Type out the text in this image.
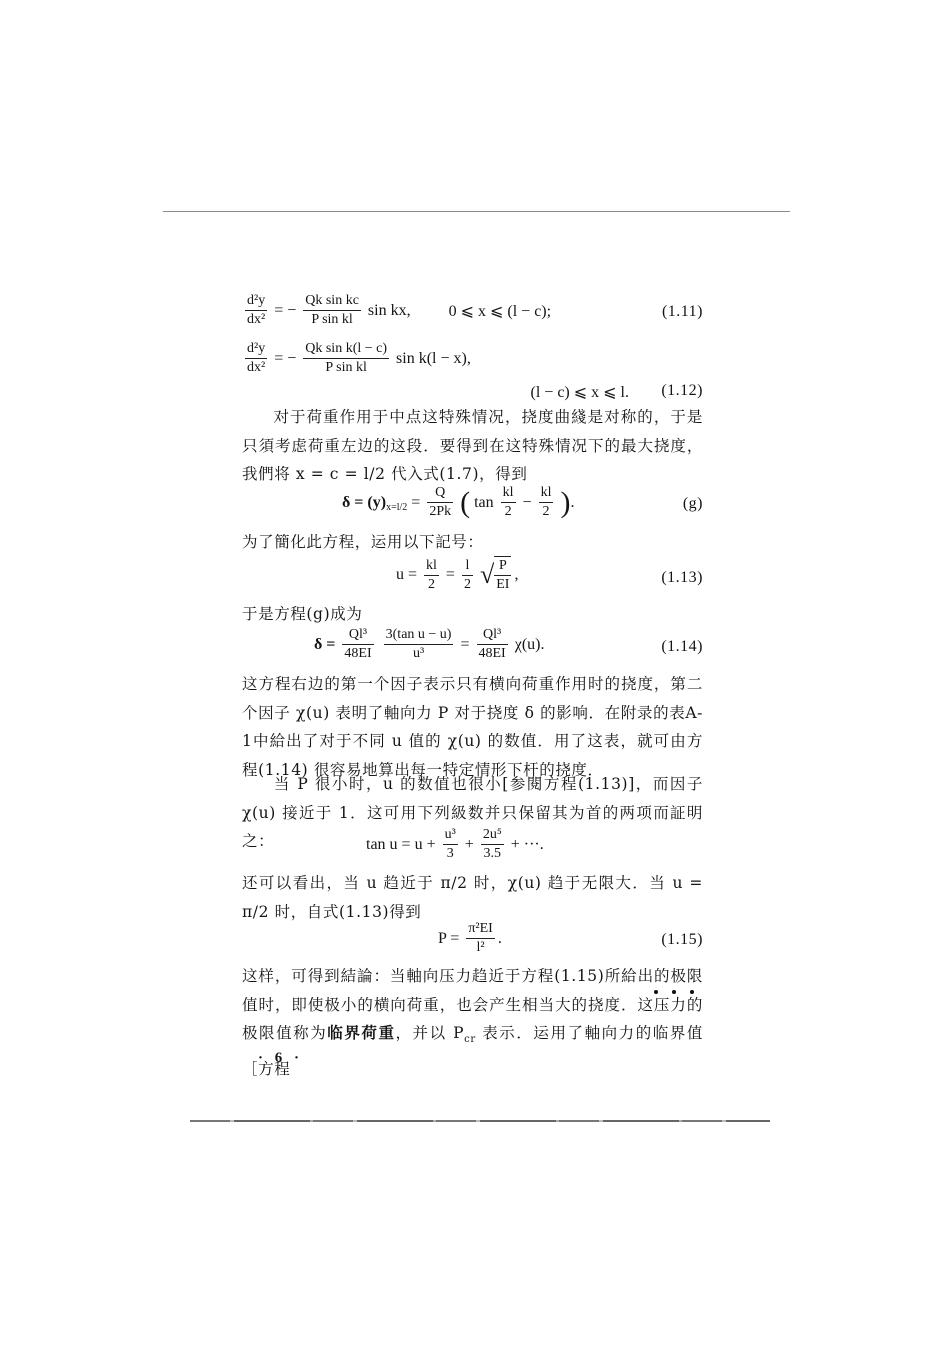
$\frac{\text{d²y}}{\text{dx²}}$ = − $\frac{\text{Qk sin kc}}{\text{P sin kl}}$ sin kx, 0 ⩽ x ⩽ (l − c);	(1.11)
$\frac{\text{d²y}}{\text{dx²}}$ = − $\frac{\text{Qk sin k(l − c)}}{\text{P sin kl}}$ sin k(l − x),
(l − c) ⩽ x ⩽ l. (1.12)
对于荷重作用于中点这特殊情况，挠度曲綫是对称的，于是只須考虑荷重左边的这段．要得到在这特殊情况下的最大挠度，我們将 x = c = l/2 代入式(1.7)，得到
$\delta = (y)x=l/2 = \frac{Q}{2Pk}$ ( $\tan \frac{kl}{2} - \frac{kl}{2}$ ).	(g)
为了簡化此方程，运用以下記号：
$u = \frac{kl}{2} = \frac{l}{2}$ √ $\frac{P}{EI}$ ,	(1.13)
于是方程(g)成为
$\delta = \frac{\text{Ql³}}{48EI}$
$\frac{\text{3(tan u − u)}}{\text{u³}} = \frac{\text{Ql³}}{48EI} \chi(u)$.	(1.14)
这方程右边的第一个因子表示只有横向荷重作用时的挠度，第二个因子 χ(u) 表明了軸向力 P 对于挠度 δ 的影响．在附录的表A-1中給出了对于不同 u 值的 χ(u) 的数值．用了这表，就可由方程(1.14) 很容易地算出每一特定情形下杆的挠度．
当 P 很小时，u 的数值也很小[参閱方程(1.13)]，而因子 χ(u) 接近于 1．这可用下列級数并只保留其为首的两项而証明之：	$\tan u = u + \frac{\text{u³}}{3} + \frac{\text{2u⁵}}{3.5}$ + ···.
还可以看出，当 u 趋近于 π/2 时，χ(u) 趋于无限大．当 u = π/2 时，自式(1.13)得到
$P = \frac{\text{π²EI}}{\text{l²}}$ .	(1.15)
这样，可得到結論：当軸向压力趋近于方程(1.15)所給出的极限值时，即使极小的横向荷重，也会产生相当大的挠度．这压力的极限值称为临界荷重，并以 $P_{cr}$ 表示．运用了軸向力的临界值［方程
· 6 ·
